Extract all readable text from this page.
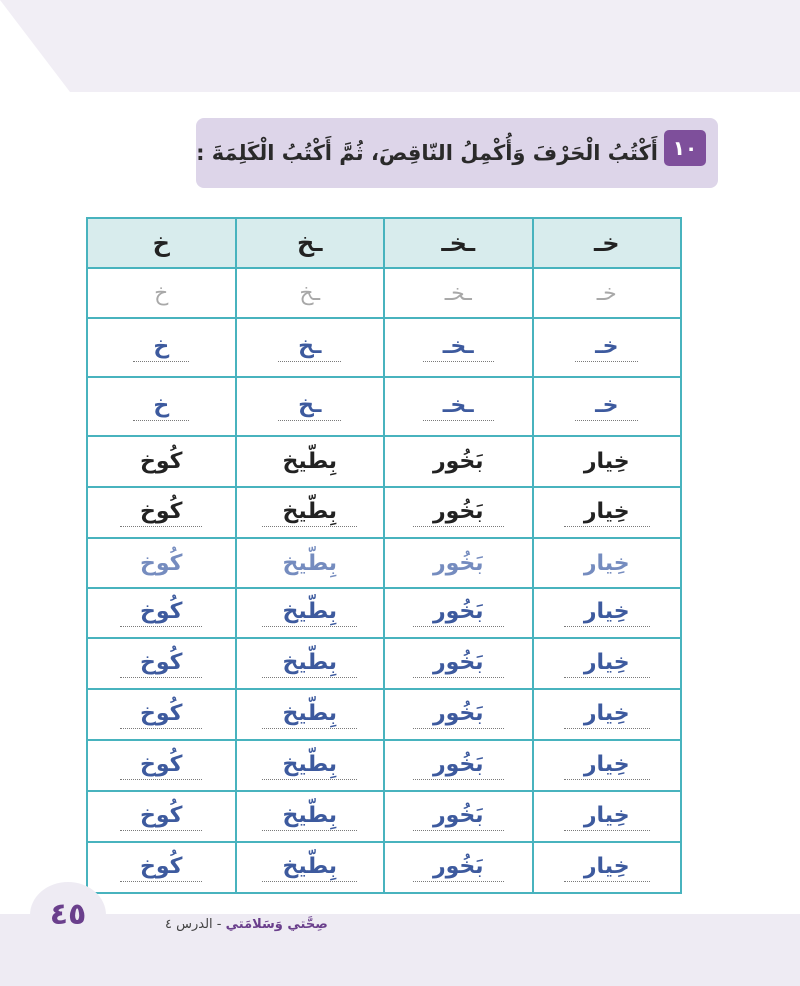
أَكْتُبُ الْحَرْفَ وَأُكْمِلُ النّاقِصَ، ثُمَّ أَكْتُبُ الْكَلِمَةَ : ١٠
خـ	ـخـ	ـخ	خ
خـ	ـخـ	ـخ	خ
خـ	ـخـ	ـخ	خ
خـ	ـخـ	ـخ	خ
خِيار	بَخُور	بِطّيخ	كُوخ
خِيار	بَخُور	بِطّيخ	كُوخ
خِيار	بَخُور	بِطّيخ	كُوخ
خِيار	بَخُور	بِطّيخ	كُوخ
خِيار	بَخُور	بِطّيخ	كُوخ
خِيار	بَخُور	بِطّيخ	كُوخ
خِيار	بَخُور	بِطّيخ	كُوخ
خِيار	بَخُور	بِطّيخ	كُوخ
خِيار	بَخُور	بِطّيخ	كُوخ
٤٥	صِحَّتي وَسَلامَتي - الدرس ٤
